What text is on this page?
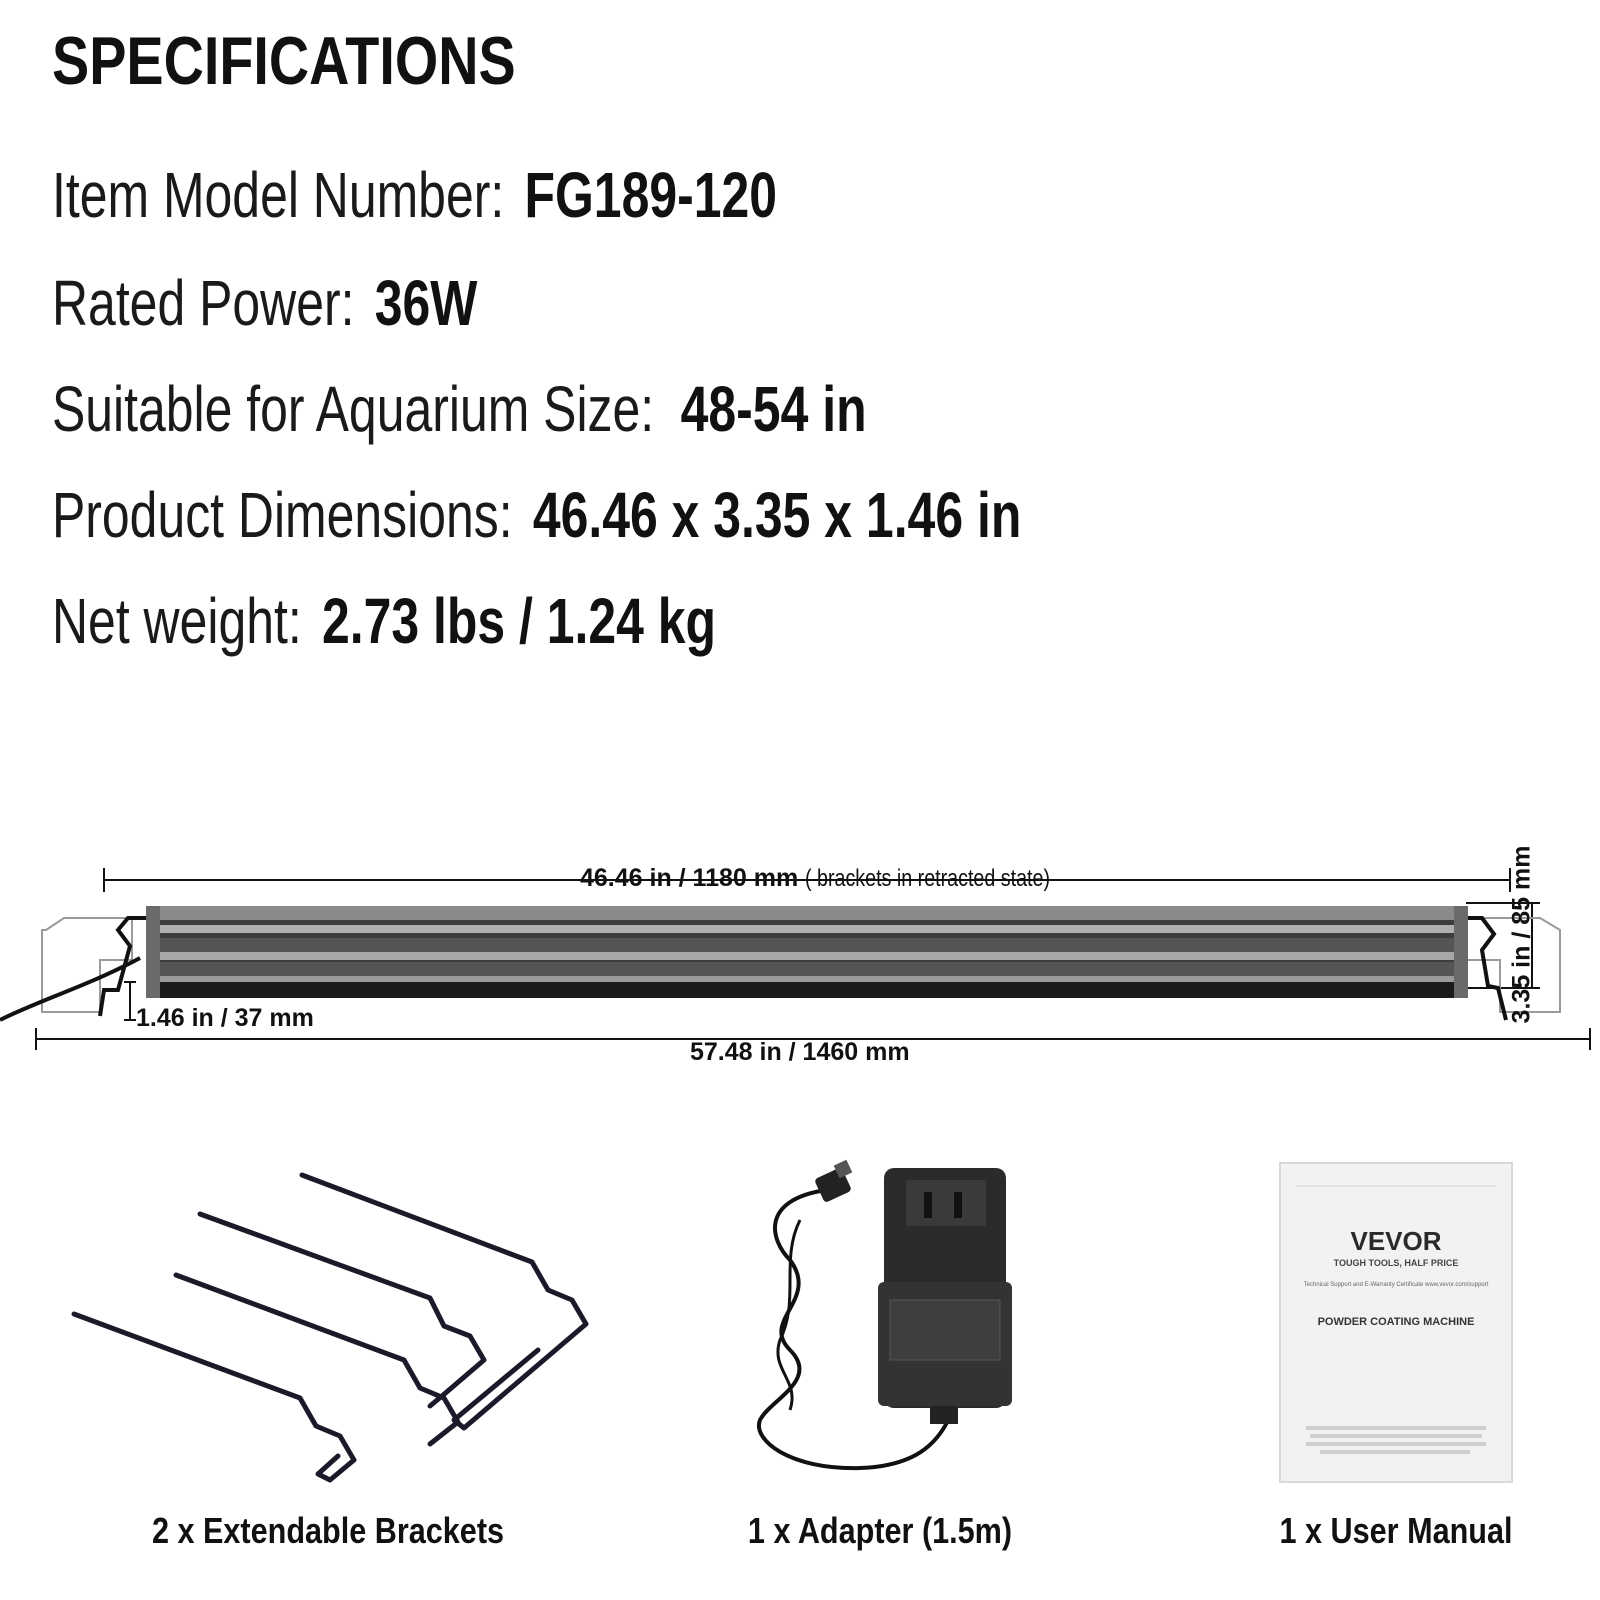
SPECIFICATIONS
Item Model Number: FG189-120
Rated Power: 36W
Suitable for Aquarium Size: 48-54 in
Product Dimensions: 46.46 x 3.35 x 1.46 in
Net weight: 2.73 lbs / 1.24 kg
46.46 in / 1180 mm ( brackets in retracted state)
1.46 in / 37 mm
57.48 in / 1460 mm
3.35 in / 85 mm
VEVOR
TOUGH TOOLS, HALF PRICE
Technical Support and E-Warranty Certificate www.vevor.com/support
POWDER COATING MACHINE
2 x Extendable Brackets	1 x Adapter (1.5m)	1 x User Manual
